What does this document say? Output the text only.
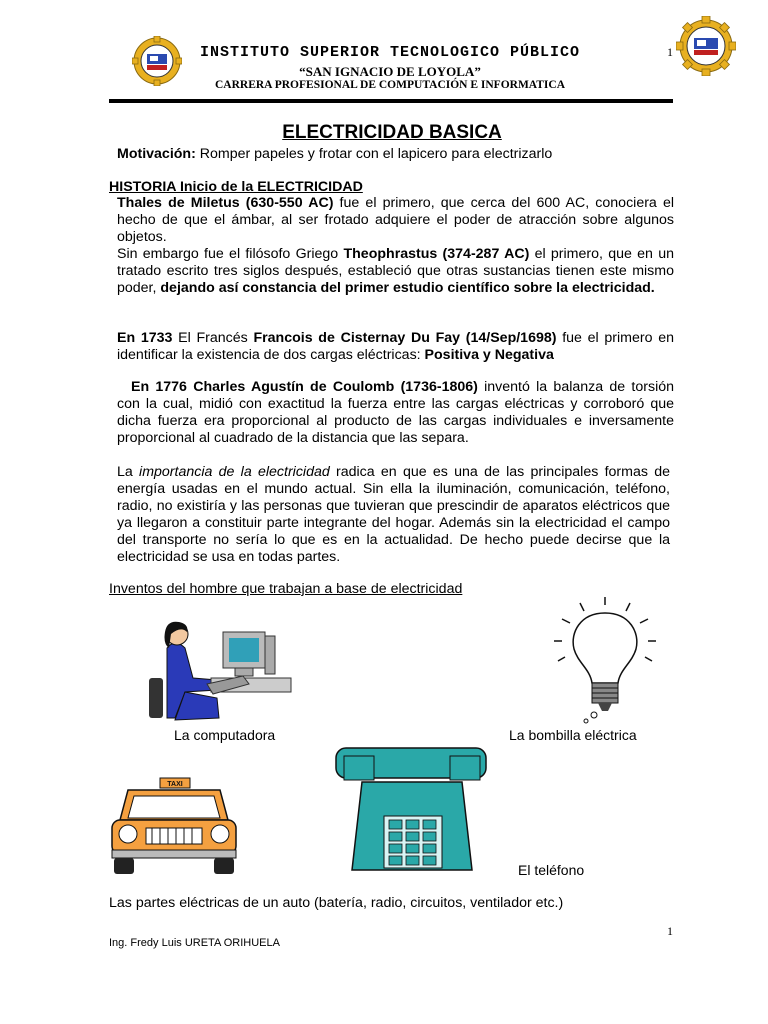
INSTITUTO SUPERIOR TECNOLOGICO PÚBLICO
“SAN IGNACIO DE LOYOLA”
CARRERA PROFESIONAL DE COMPUTACIÓN E INFORMATICA
1
ELECTRICIDAD BASICA
Motivación: Romper papeles y frotar con el lapicero para electrizarlo
HISTORIA Inicio de la ELECTRICIDAD
Thales de Miletus (630-550 AC) fue el primero, que cerca del 600 AC, conociera el hecho de que el ámbar, al ser frotado adquiere el poder de atracción sobre algunos objetos.
Sin embargo fue el filósofo Griego Theophrastus (374-287 AC) el primero, que en un tratado escrito tres siglos después, estableció que otras sustancias tienen este mismo poder, dejando así constancia del primer estudio científico sobre la electricidad.
En 1733 El Francés Francois de Cisternay Du Fay (14/Sep/1698) fue el primero en identificar la existencia de dos cargas eléctricas: Positiva y Negativa
En 1776 Charles Agustín de Coulomb (1736-1806) inventó la balanza de torsión con la cual, midió con exactitud la fuerza entre las cargas eléctricas y corroboró que dicha fuerza era proporcional al producto de las cargas individuales e inversamente proporcional al cuadrado de la distancia que las separa.
La importancia de la electricidad radica en que es una de las principales formas de energía usadas en el mundo actual. Sin ella la iluminación, comunicación, teléfono, radio, no existiría y las personas que tuvieran que prescindir de aparatos eléctricos que ya llegaron a constituir parte integrante del hogar. Además sin la electricidad el campo del transporte no sería lo que es en la actualidad. De hecho puede decirse que la electricidad se usa en todas partes.
Inventos del hombre que trabajan a base de electricidad
La computadora	La bombilla eléctrica
TAXI
El teléfono
Las partes eléctricas de un auto (batería, radio, circuitos, ventilador etc.)
1
Ing. Fredy Luis URETA ORIHUELA
